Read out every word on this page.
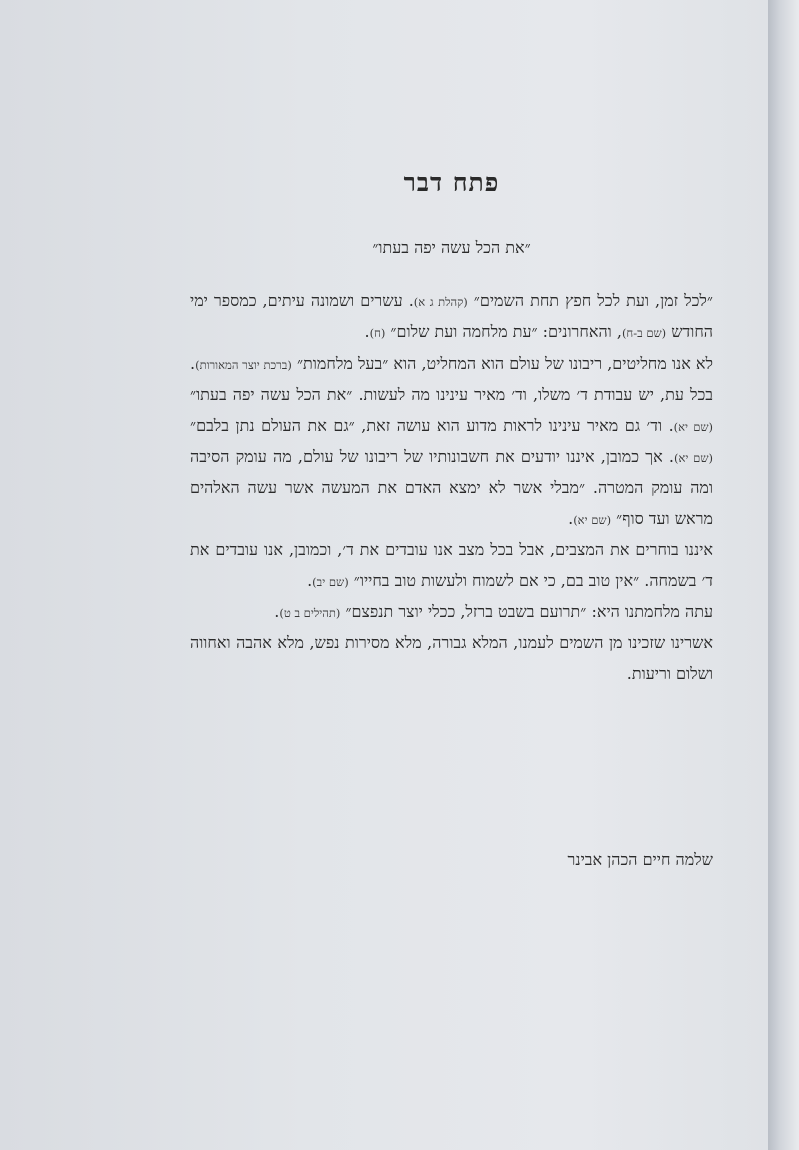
פתח דבר
״את הכל עשה יפה בעתו״

״לכל זמן, ועת לכל חפץ תחת השמים״ (קהלת ג א). עשרים ושמונה עיתים, כמספר ימי החודש (שם ב-ח), והאחרונים: ״עת מלחמה ועת שלום״ (ח).

לא אנו מחליטים, ריבונו של עולם הוא המחליט, הוא ״בעל מלחמות״ (ברכת יוצר המאורות). בכל עת, יש עבודת ד׳ משלו, וד׳ מאיר עינינו מה לעשות. ״את הכל עשה יפה בעתו״ (שם יא). וד׳ גם מאיר עינינו לראות מדוע הוא עושה זאת, ״גם את העולם נתן בלבם״ (שם יא). אך כמובן, איננו יודעים את חשבונותיו של ריבונו של עולם, מה עומק הסיבה ומה עומק המטרה. ״מבלי אשר לא ימצא האדם את המעשה אשר עשה האלהים מראש ועד סוף״ (שם יא).

איננו בוחרים את המצבים, אבל בכל מצב אנו עובדים את ד׳, וכמובן, אנו עובדים את ד׳ בשמחה. ״אין טוב בם, כי אם לשמוח ולעשות טוב בחייו״ (שם יב).

עתה מלחמתנו היא: ״תרועם בשבט ברזל, ככלי יוצר תנפצם״ (תהילים ב ט).

אשרינו שזכינו מן השמים לעמנו, המלא גבורה, מלא מסירות נפש, מלא אהבה ואחווה ושלום וריעות.

שלמה חיים הכהן אבינר
